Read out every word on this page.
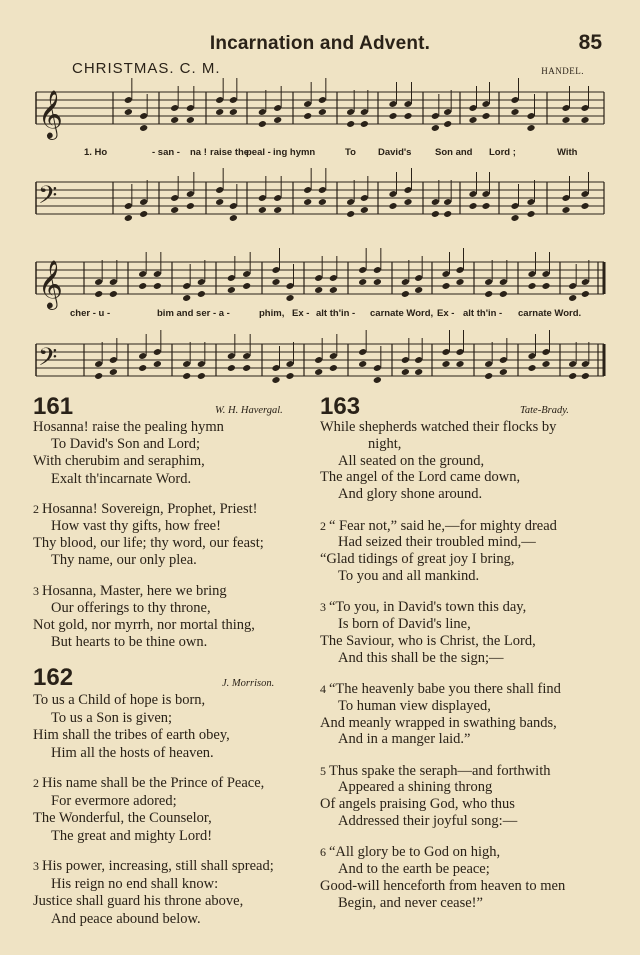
Incarnation and Advent.	85
CHRISTMAS. C. M.	HANDEL.
𝄞
𝄢
𝄞
𝄢
1. Ho	- san - na ! raise the
peal - ing hymn	To David's Son and Lord ;	With
cher - u -	bim and ser - a -	phim, Ex - alt th'in - carnate Word, Ex - alt th'in - carnate Word.
161	W. H. Havergal.
Hosanna! raise the pealing hymn
To David's Son and Lord;
With cherubim and seraphim,
Exalt th'incarnate Word.
2 Hosanna! Sovereign, Prophet, Priest!
How vast thy gifts, how free!
Thy blood, our life; thy word, our feast;
Thy name, our only plea.
3 Hosanna, Master, here we bring
Our offerings to thy throne,
Not gold, nor myrrh, nor mortal thing,
But hearts to be thine own.
162	J. Morrison.
To us a Child of hope is born,
To us a Son is given;
Him shall the tribes of earth obey,
Him all the hosts of heaven.
2 His name shall be the Prince of Peace,
For evermore adored;
The Wonderful, the Counselor,
The great and mighty Lord!
3 His power, increasing, still shall spread;
His reign no end shall know:
Justice shall guard his throne above,
And peace abound below.
163	Tate-Brady.
While shepherds watched their flocks by
night,
All seated on the ground,
The angel of the Lord came down,
And glory shone around.
2 “ Fear not,” said he,—for mighty dread
Had seized their troubled mind,—
“Glad tidings of great joy I bring,
To you and all mankind.
3 “To you, in David's town this day,
Is born of David's line,
The Saviour, who is Christ, the Lord,
And this shall be the sign;—
4 “The heavenly babe you there shall find
To human view displayed,
And meanly wrapped in swathing bands,
And in a manger laid.”
5 Thus spake the seraph—and forthwith
Appeared a shining throng
Of angels praising God, who thus
Addressed their joyful song:—
6 “All glory be to God on high,
And to the earth be peace;
Good-will henceforth from heaven to men
Begin, and never cease!”
